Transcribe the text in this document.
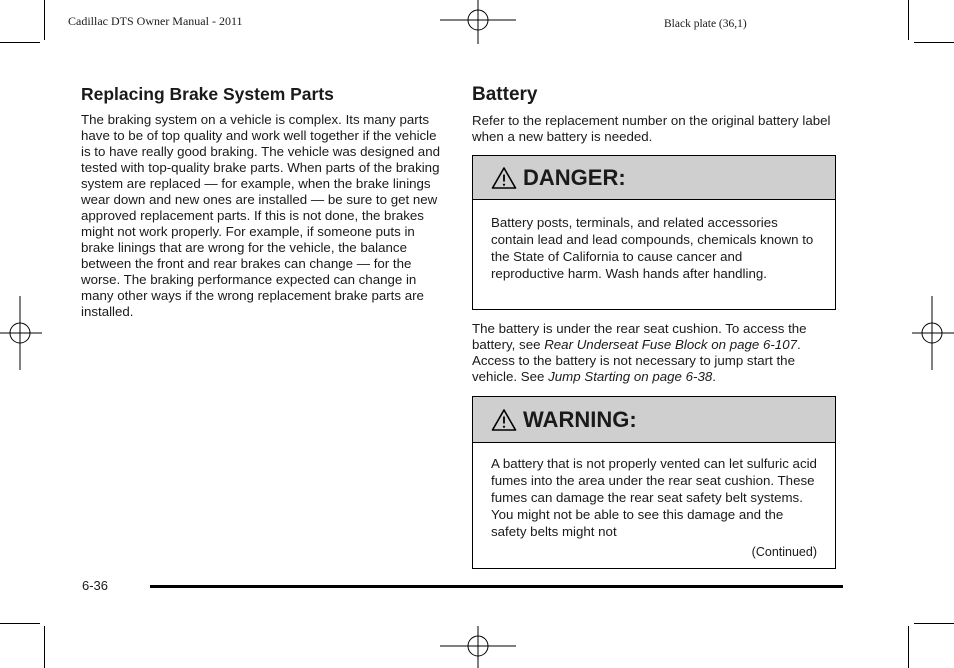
Cadillac DTS Owner Manual - 2011	Black plate (36,1)
Replacing Brake System Parts

The braking system on a vehicle is complex. Its many parts have to be of top quality and work well together if the vehicle is to have really good braking. The vehicle was designed and tested with top-quality brake parts. When parts of the braking system are replaced — for example, when the brake linings wear down and new ones are installed — be sure to get new approved replacement parts. If this is not done, the brakes might not work properly. For example, if someone puts in brake linings that are wrong for the vehicle, the balance between the front and rear brakes can change — for the worse. The braking performance expected can change in many other ways if the wrong replacement brake parts are installed.

Battery

Refer to the replacement number on the original battery label when a new battery is needed.

DANGER:
Battery posts, terminals, and related accessories contain lead and lead compounds, chemicals known to the State of California to cause cancer and reproductive harm. Wash hands after handling.

The battery is under the rear seat cushion. To access the battery, see Rear Underseat Fuse Block on page 6-107. Access to the battery is not necessary to jump start the vehicle. See Jump Starting on page 6-38.

WARNING:
A battery that is not properly vented can let sulfuric acid fumes into the area under the rear seat cushion. These fumes can damage the rear seat safety belt systems. You might not be able to see this damage and the safety belts might not
(Continued)
6-36
